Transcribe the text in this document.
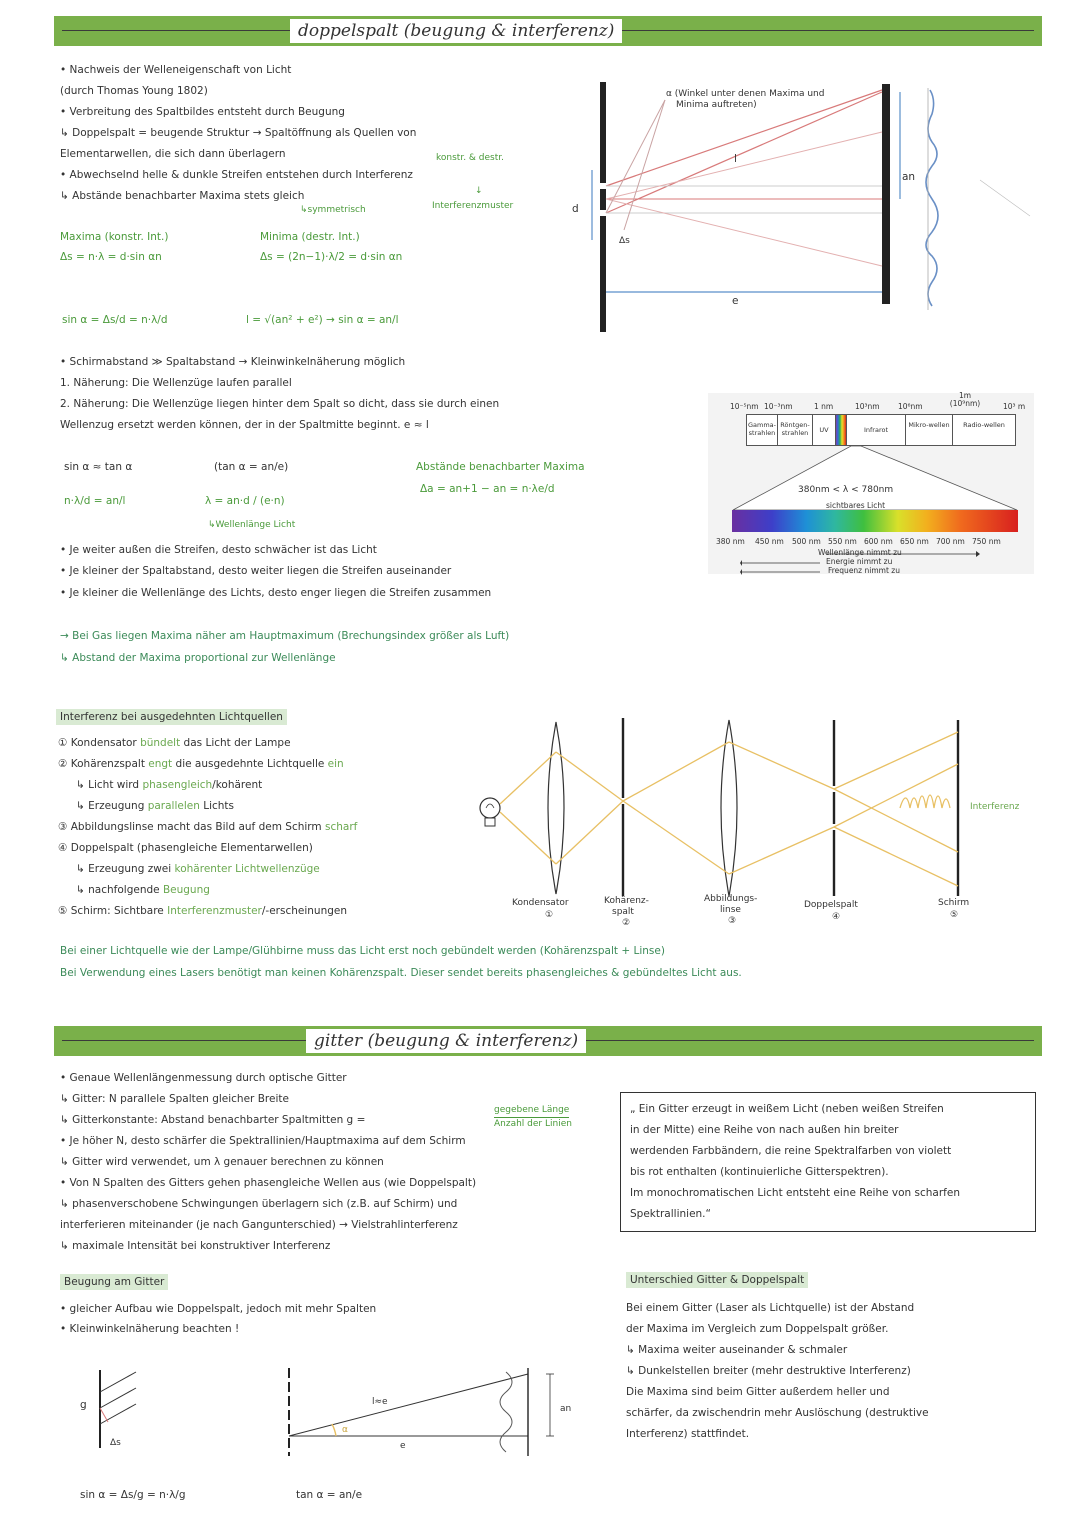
doppelspalt (beugung & interferenz)
• Nachweis der Welleneigenschaft von Licht
(durch Thomas Young 1802)
• Verbreitung des Spaltbildes entsteht durch Beugung
↳ Doppelspalt = beugende Struktur → Spaltöffnung als Quellen von
Elementarwellen, die sich dann überlagern	konstr. & destr.
• Abwechselnd helle & dunkle Streifen entstehen durch Interferenz
↳ Abstände benachbarter Maxima stets gleich
↳symmetrisch	Interferenzmuster
↓
Maxima (konstr. Int.)
Δs = n·λ = d·sin αn
Minima (destr. Int.)
Δs = (2n−1)·λ/2 = d·sin αn
sin α = Δs/d = n·λ/d	l = √(an² + e²) → sin α = an/l
• Schirmabstand ≫ Spaltabstand → Kleinwinkelnäherung möglich
1. Näherung: Die Wellenzüge laufen parallel
2. Näherung: Die Wellenzüge liegen hinter dem Spalt so dicht, dass sie durch einen
Wellenzug ersetzt werden können, der in der Spaltmitte beginnt. e ≈ l
sin α ≈ tan α	(tan α = an/e)	Abstände benachbarter Maxima
Δa = an+1 − an = n·λe/d
n·λ/d = an/l	λ = an·d / (e·n)
↳Wellenlänge Licht
• Je weiter außen die Streifen, desto schwächer ist das Licht
• Je kleiner der Spaltabstand, desto weiter liegen die Streifen auseinander
• Je kleiner die Wellenlänge des Lichts, desto enger liegen die Streifen zusammen
→ Bei Gas liegen Maxima näher am Hauptmaximum (Brechungsindex größer als Luft)
↳ Abstand der Maxima proportional zur Wellenlänge
α (Winkel unter denen Maxima und
Minima auftreten)
l
an
d
Δs
e
10⁻⁵nm 10⁻³nm	1 nm	10³nm 10⁶nm
1m (10⁹nm)	10³ m
Gamma-strahlen
Röntgen-strahlen	UV	Infrarot
Mikro-wellen	Radio-wellen
380nm < λ < 780nm
sichtbares Licht
380 nm 450 nm 500 nm 550 nm 600 nm 650 nm 700 nm 750 nm
Wellenlänge nimmt zu
Energie nimmt zu
Frequenz nimmt zu
Interferenz bei ausgedehnten Lichtquellen
① Kondensator bündelt das Licht der Lampe
② Kohärenzspalt engt die ausgedehnte Lichtquelle ein
↳ Licht wird phasengleich/kohärent
↳ Erzeugung parallelen Lichts
③ Abbildungslinse macht das Bild auf dem Schirm scharf
④ Doppelspalt (phasengleiche Elementarwellen)
↳ Erzeugung zwei kohärenter Lichtwellenzüge
↳ nachfolgende Beugung
⑤ Schirm: Sichtbare Interferenzmuster/-erscheinungen
Interferenz
Kondensator
①
Kohärenz-
spalt
②
Abbildungs-
linse
③
Doppelspalt
④
Schirm
⑤
Bei einer Lichtquelle wie der Lampe/Glühbirne muss das Licht erst noch gebündelt werden (Kohärenzspalt + Linse)
Bei Verwendung eines Lasers benötigt man keinen Kohärenzspalt. Dieser sendet bereits phasengleiches & gebündeltes Licht aus.
gitter (beugung & interferenz)
• Genaue Wellenlängenmessung durch optische Gitter
↳ Gitter: N parallele Spalten gleicher Breite
↳ Gitterkonstante: Abstand benachbarter Spaltmitten g =
gegebene Länge
Anzahl der Linien
• Je höher N, desto schärfer die Spektrallinien/Hauptmaxima auf dem Schirm
↳ Gitter wird verwendet, um λ genauer berechnen zu können
• Von N Spalten des Gitters gehen phasengleiche Wellen aus (wie Doppelspalt)
↳ phasenverschobene Schwingungen überlagern sich (z.B. auf Schirm) und
interferieren miteinander (je nach Gangunterschied) → Vielstrahlinterferenz
↳ maximale Intensität bei konstruktiver Interferenz
„ Ein Gitter erzeugt in weißem Licht (neben weißen Streifen
in der Mitte) eine Reihe von nach außen hin breiter
werdenden Farbbändern, die reine Spektralfarben von violett
bis rot enthalten (kontinuierliche Gitterspektren).
Im monochromatischen Licht entsteht eine Reihe von scharfen
Spektrallinien.“
Beugung am Gitter
• gleicher Aufbau wie Doppelspalt, jedoch mit mehr Spalten
• Kleinwinkelnäherung beachten !
Unterschied Gitter & Doppelspalt
Bei einem Gitter (Laser als Lichtquelle) ist der Abstand
der Maxima im Vergleich zum Doppelspalt größer.
↳ Maxima weiter auseinander & schmaler
↳ Dunkelstellen breiter (mehr destruktive Interferenz)
Die Maxima sind beim Gitter außerdem heller und
schärfer, da zwischendrin mehr Auslöschung (destruktive
Interferenz) stattfindet.
g
Δs
l≈e
α
e
an
sin α = Δs/g = n·λ/g	tan α = an/e
